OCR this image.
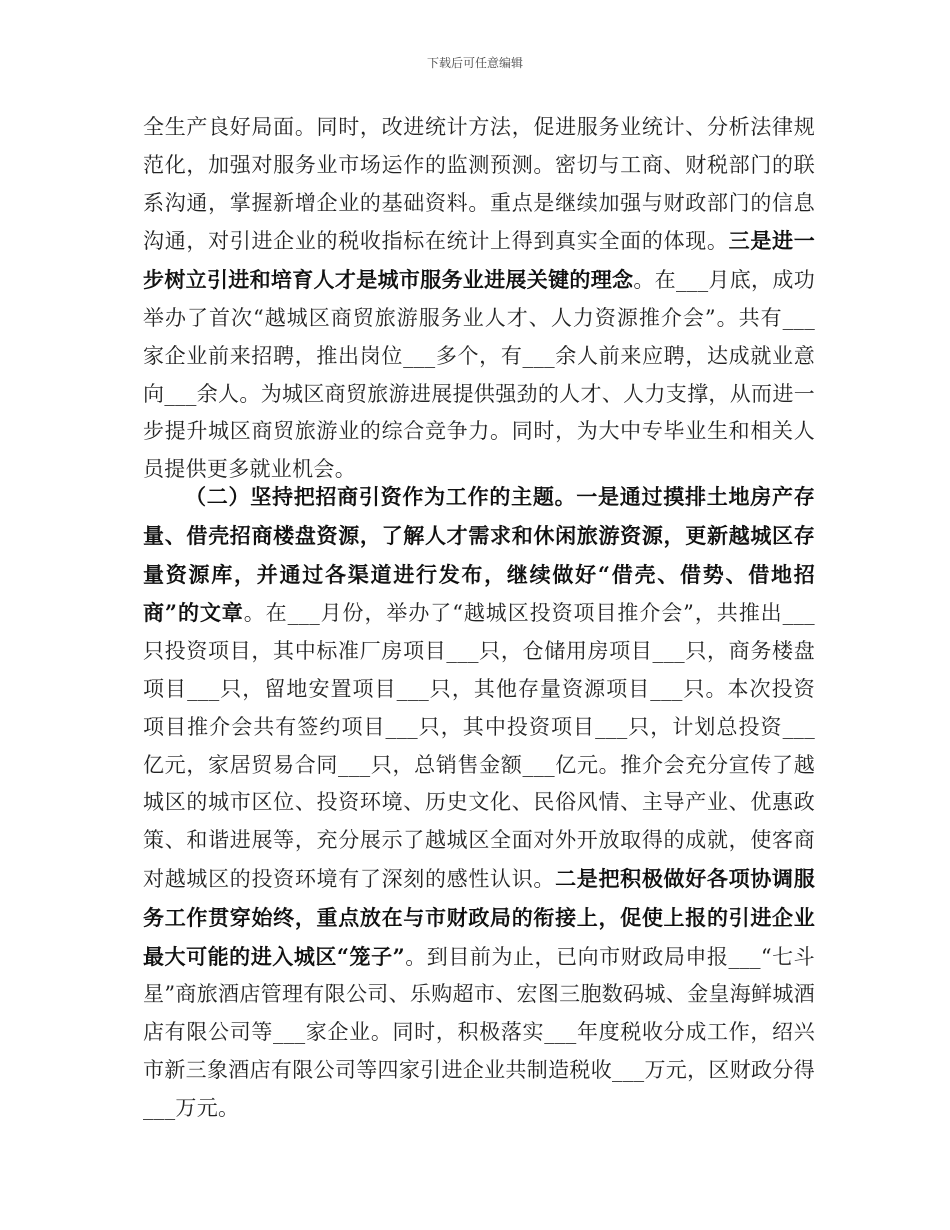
下载后可任意编辑
全生产良好局面。同时，改进统计方法，促进服务业统计、分析法律规范化，加强对服务业市场运作的监测预测。密切与工商、财税部门的联系沟通，掌握新增企业的基础资料。重点是继续加强与财政部门的信息沟通，对引进企业的税收指标在统计上得到真实全面的体现。三是进一步树立引进和培育人才是城市服务业进展关键的理念。在___月底，成功举办了首次“越城区商贸旅游服务业人才、人力资源推介会”。共有___家企业前来招聘，推出岗位___多个，有___余人前来应聘，达成就业意向___余人。为城区商贸旅游进展提供强劲的人才、人力支撑，从而进一步提升城区商贸旅游业的综合竞争力。同时，为大中专毕业生和相关人员提供更多就业机会。
（二）坚持把招商引资作为工作的主题。一是通过摸排土地房产存量、借壳招商楼盘资源，了解人才需求和休闲旅游资源，更新越城区存量资源库，并通过各渠道进行发布，继续做好“借壳、借势、借地招商”的文章。在___月份，举办了“越城区投资项目推介会”，共推出___只投资项目，其中标准厂房项目___只，仓储用房项目___只，商务楼盘项目___只，留地安置项目___只，其他存量资源项目___只。本次投资项目推介会共有签约项目___只，其中投资项目___只，计划总投资___亿元，家居贸易合同___只，总销售金额___亿元。推介会充分宣传了越城区的城市区位、投资环境、历史文化、民俗风情、主导产业、优惠政策、和谐进展等，充分展示了越城区全面对外开放取得的成就，使客商对越城区的投资环境有了深刻的感性认识。二是把积极做好各项协调服务工作贯穿始终，重点放在与市财政局的衔接上，促使上报的引进企业最大可能的进入城区“笼子”。到目前为止，已向市财政局申报___“七斗星”商旅酒店管理有限公司、乐购超市、宏图三胞数码城、金皇海鲜城酒店有限公司等___家企业。同时，积极落实___年度税收分成工作，绍兴市新三象酒店有限公司等四家引进企业共制造税收___万元，区财政分得___万元。
